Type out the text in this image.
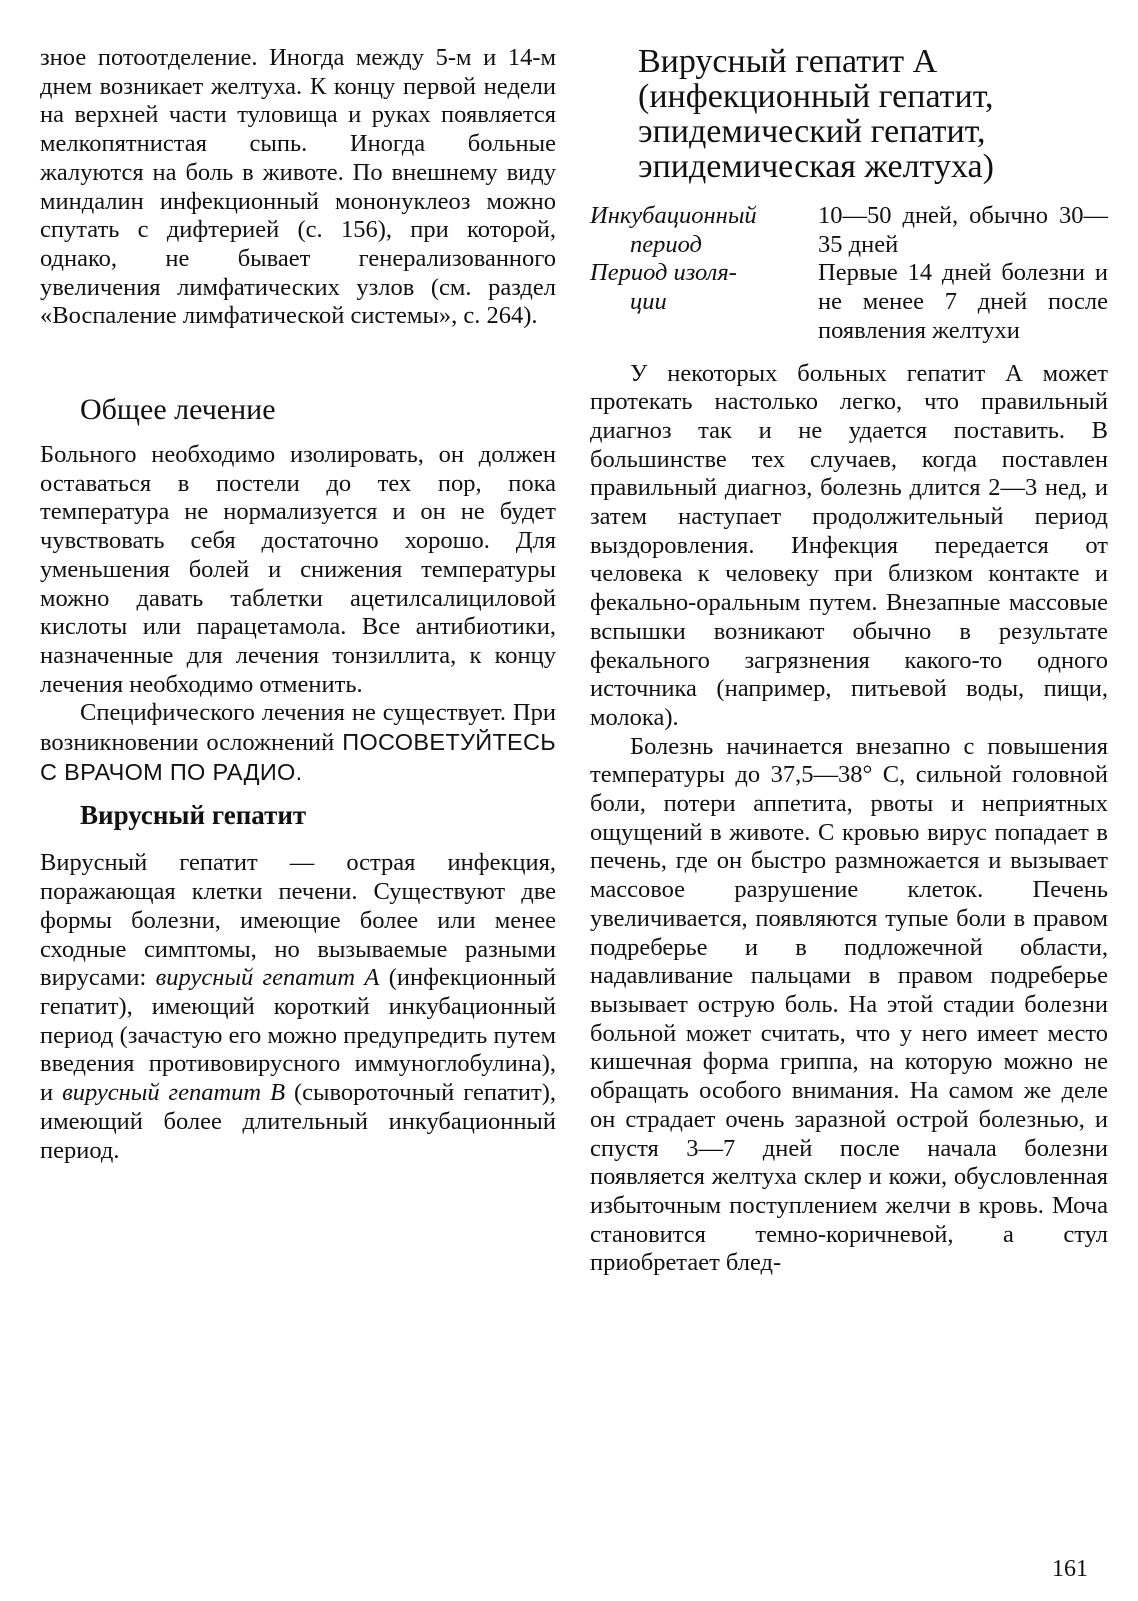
зное потоотделение. Иногда между 5-м и 14-м днем возникает желтуха. К концу первой недели на верхней части туловища и руках появляется мелкопятнистая сыпь. Иногда больные жалуются на боль в животе. По внешнему виду миндалин инфекционный мононуклеоз можно спутать с дифтерией (с. 156), при которой, однако, не бывает генерализованного увеличения лимфатических узлов (см. раздел «Воспаление лимфатической системы», с. 264).

Общее лечение

Больного необходимо изолировать, он должен оставаться в постели до тех пор, пока температура не нормализуется и он не будет чувствовать себя достаточно хорошо. Для уменьшения болей и снижения температуры можно давать таблетки ацетилсалициловой кислоты или парацетамола. Все антибиотики, назначенные для лечения тонзиллита, к концу лечения необходимо отменить.

Специфического лечения не существует. При возникновении осложнений ПОСОВЕТУЙТЕСЬ С ВРАЧОМ ПО РАДИО.

Вирусный гепатит

Вирусный гепатит — острая инфекция, поражающая клетки печени. Существуют две формы болезни, имеющие более или менее сходные симптомы, но вызываемые разными вирусами: вирусный гепатит А (инфекционный гепатит), имеющий короткий инкубационный период (зачастую его можно предупредить путем введения противовирусного иммуноглобулина), и вирусный гепатит В (сывороточный гепатит), имеющий более длительный инкубационный период.

Вирусный гепатит А (инфекционный гепатит, эпидемический гепатит, эпидемическая желтуха)
Инкубационный
период	10—50 дней, обычно 30—35 дней
Период изоля-
ции	Первые 14 дней болезни и не менее 7 дней после появления желтухи

У некоторых больных гепатит А может протекать настолько легко, что правильный диагноз так и не удается поставить. В большинстве тех случаев, когда поставлен правильный диагноз, болезнь длится 2—3 нед, и затем наступает продолжительный период выздоровления. Инфекция передается от человека к человеку при близком контакте и фекально-оральным путем. Внезапные массовые вспышки возникают обычно в результате фекального загрязнения какого-то одного источника (например, питьевой воды, пищи, молока).

Болезнь начинается внезапно с повышения температуры до 37,5—38° С, сильной головной боли, потери аппетита, рвоты и неприятных ощущений в животе. С кровью вирус попадает в печень, где он быстро размножается и вызывает массовое разрушение клеток. Печень увеличивается, появляются тупые боли в правом подреберье и в подложечной области, надавливание пальцами в правом подреберье вызывает острую боль. На этой стадии болезни больной может считать, что у него имеет место кишечная форма гриппа, на которую можно не обращать особого внимания. На самом же деле он страдает очень заразной острой болезнью, и спустя 3—7 дней после начала болезни появляется желтуха склер и кожи, обусловленная избыточным поступлением желчи в кровь. Моча становится темно-коричневой, а стул приобретает блед-

161
